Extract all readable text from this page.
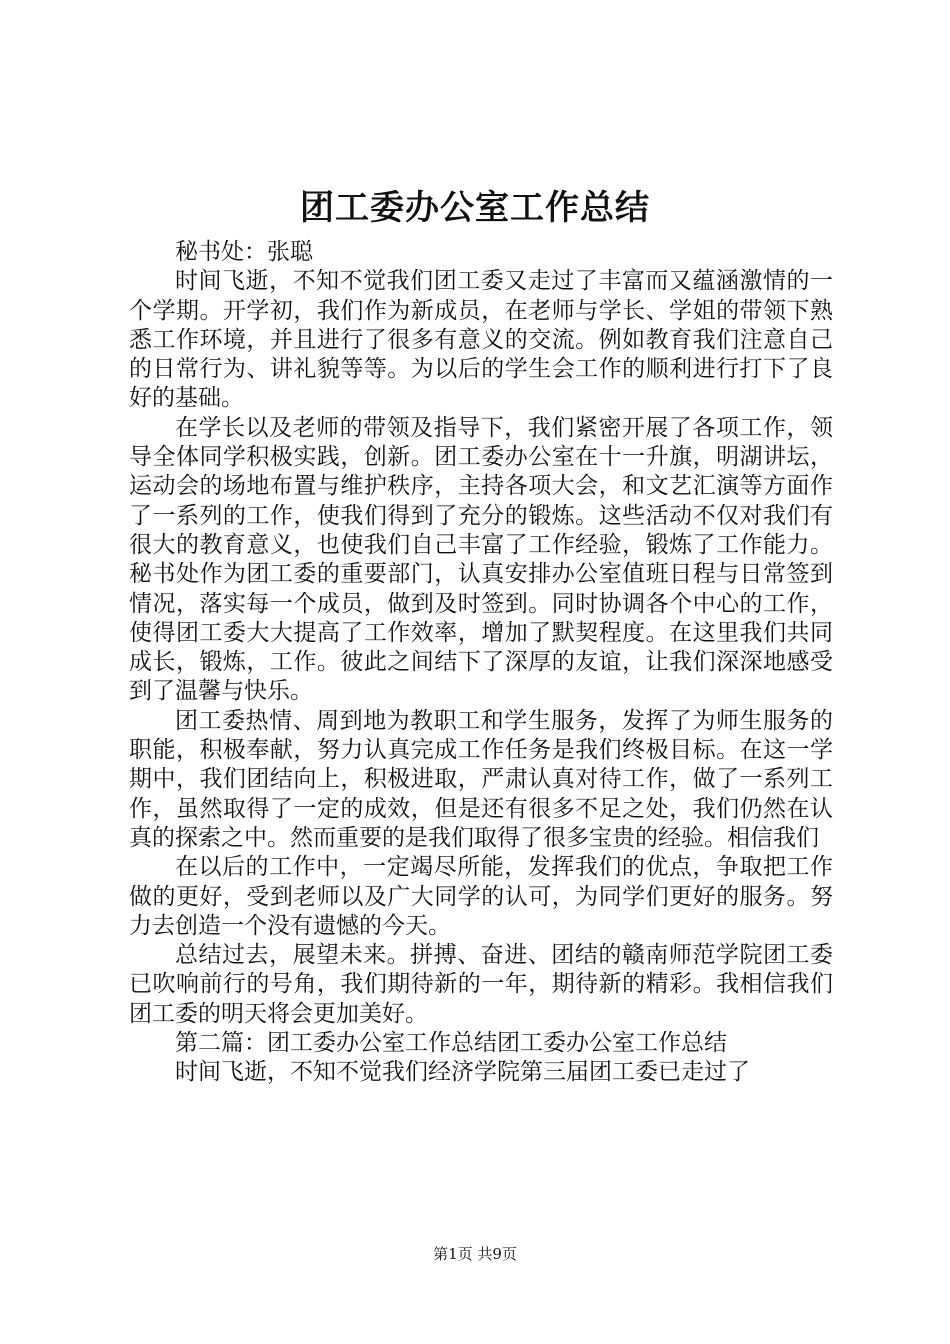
团工委办公室工作总结

秘书处：张聪

时间飞逝，不知不觉我们团工委又走过了丰富而又蕴涵激情的一个学期。开学初，我们作为新成员，在老师与学长、学姐的带领下熟悉工作环境，并且进行了很多有意义的交流。例如教育我们注意自己的日常行为、讲礼貌等等。为以后的学生会工作的顺利进行打下了良好的基础。

在学长以及老师的带领及指导下，我们紧密开展了各项工作，领导全体同学积极实践，创新。团工委办公室在十一升旗，明湖讲坛，运动会的场地布置与维护秩序，主持各项大会，和文艺汇演等方面作了一系列的工作，使我们得到了充分的锻炼。这些活动不仅对我们有很大的教育意义，也使我们自己丰富了工作经验，锻炼了工作能力。秘书处作为团工委的重要部门，认真安排办公室值班日程与日常签到情况，落实每一个成员，做到及时签到。同时协调各个中心的工作，使得团工委大大提高了工作效率，增加了默契程度。在这里我们共同成长，锻炼，工作。彼此之间结下了深厚的友谊，让我们深深地感受到了温馨与快乐。

团工委热情、周到地为教职工和学生服务，发挥了为师生服务的职能，积极奉献，努力认真完成工作任务是我们终极目标。在这一学期中，我们团结向上，积极进取，严肃认真对待工作，做了一系列工作，虽然取得了一定的成效，但是还有很多不足之处，我们仍然在认真的探索之中。然而重要的是我们取得了很多宝贵的经验。相信我们

在以后的工作中，一定竭尽所能，发挥我们的优点，争取把工作做的更好，受到老师以及广大同学的认可，为同学们更好的服务。努力去创造一个没有遗憾的今天。

总结过去，展望未来。拼搏、奋进、团结的赣南师范学院团工委已吹响前行的号角，我们期待新的一年，期待新的精彩。我相信我们团工委的明天将会更加美好。

第二篇：团工委办公室工作总结团工委办公室工作总结

时间飞逝，不知不觉我们经济学院第三届团工委已走过了

第1页 共9页
